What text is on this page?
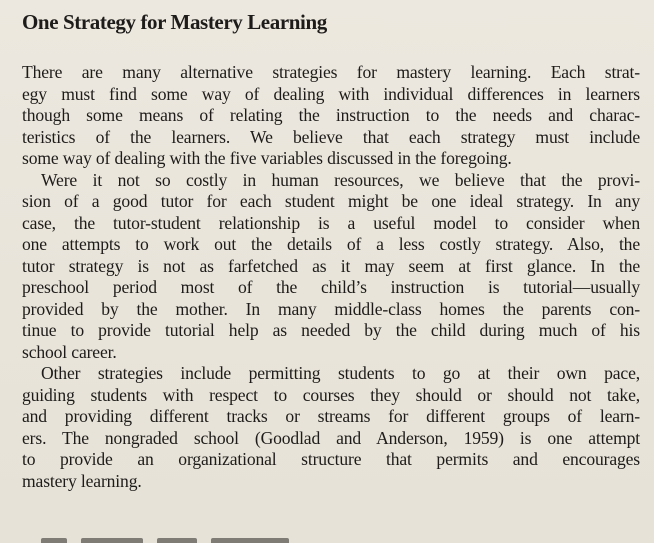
One Strategy for Mastery Learning
There are many alternative strategies for mastery learning. Each strat-
egy must find some way of dealing with individual differences in learners
though some means of relating the instruction to the needs and charac-
teristics of the learners. We believe that each strategy must include
some way of dealing with the five variables discussed in the foregoing.
Were it not so costly in human resources, we believe that the provi-
sion of a good tutor for each student might be one ideal strategy. In any
case, the tutor-student relationship is a useful model to consider when
one attempts to work out the details of a less costly strategy. Also, the
tutor strategy is not as farfetched as it may seem at first glance. In the
preschool period most of the child’s instruction is tutorial—usually
provided by the mother. In many middle-class homes the parents con-
tinue to provide tutorial help as needed by the child during much of his
school career.
Other strategies include permitting students to go at their own pace,
guiding students with respect to courses they should or should not take,
and providing different tracks or streams for different groups of learn-
ers. The nongraded school (Goodlad and Anderson, 1959) is one attempt
to provide an organizational structure that permits and encourages
mastery learning.
